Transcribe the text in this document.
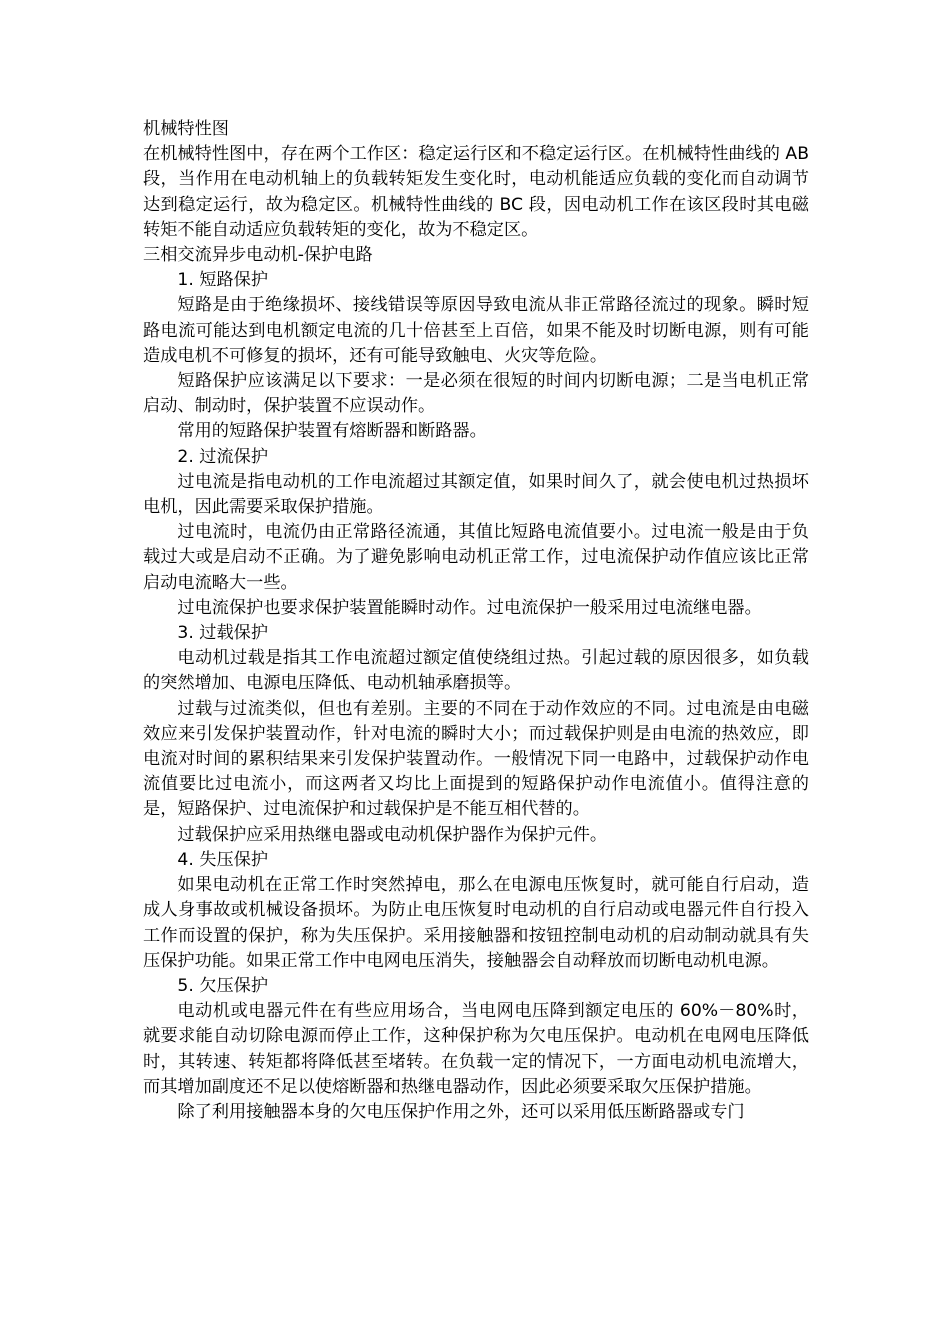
机械特性图

在机械特性图中，存在两个工作区：稳定运行区和不稳定运行区。在机械特性曲线的 AB 段，当作用在电动机轴上的负载转矩发生变化时，电动机能适应负载的变化而自动调节达到稳定运行，故为稳定区。机械特性曲线的 BC 段，因电动机工作在该区段时其电磁转矩不能自动适应负载转矩的变化，故为不稳定区。

三相交流异步电动机-保护电路

1. 短路保护

短路是由于绝缘损坏、接线错误等原因导致电流从非正常路径流过的现象。瞬时短路电流可能达到电机额定电流的几十倍甚至上百倍，如果不能及时切断电源，则有可能造成电机不可修复的损坏，还有可能导致触电、火灾等危险。

短路保护应该满足以下要求：一是必须在很短的时间内切断电源；二是当电机正常启动、制动时，保护装置不应误动作。

常用的短路保护装置有熔断器和断路器。

2. 过流保护

过电流是指电动机的工作电流超过其额定值，如果时间久了，就会使电机过热损坏电机，因此需要采取保护措施。

过电流时，电流仍由正常路径流通，其值比短路电流值要小。过电流一般是由于负载过大或是启动不正确。为了避免影响电动机正常工作，过电流保护动作值应该比正常启动电流略大一些。

过电流保护也要求保护装置能瞬时动作。过电流保护一般采用过电流继电器。

3. 过载保护

电动机过载是指其工作电流超过额定值使绕组过热。引起过载的原因很多，如负载的突然增加、电源电压降低、电动机轴承磨损等。

过载与过流类似，但也有差别。主要的不同在于动作效应的不同。过电流是由电磁效应来引发保护装置动作，针对电流的瞬时大小；而过载保护则是由电流的热效应，即电流对时间的累积结果来引发保护装置动作。一般情况下同一电路中，过载保护动作电流值要比过电流小，而这两者又均比上面提到的短路保护动作电流值小。值得注意的是，短路保护、过电流保护和过载保护是不能互相代替的。

过载保护应采用热继电器或电动机保护器作为保护元件。

4. 失压保护

如果电动机在正常工作时突然掉电，那么在电源电压恢复时，就可能自行启动，造成人身事故或机械设备损坏。为防止电压恢复时电动机的自行启动或电器元件自行投入工作而设置的保护，称为失压保护。采用接触器和按钮控制电动机的启动制动就具有失压保护功能。如果正常工作中电网电压消失，接触器会自动释放而切断电动机电源。

5. 欠压保护

电动机或电器元件在有些应用场合，当电网电压降到额定电压的 60%－80%时，就要求能自动切除电源而停止工作，这种保护称为欠电压保护。电动机在电网电压降低时，其转速、转矩都将降低甚至堵转。在负载一定的情况下，一方面电动机电流增大，而其增加副度还不足以使熔断器和热继电器动作，因此必须要采取欠压保护措施。

除了利用接触器本身的欠电压保护作用之外，还可以采用低压断路器或专门
